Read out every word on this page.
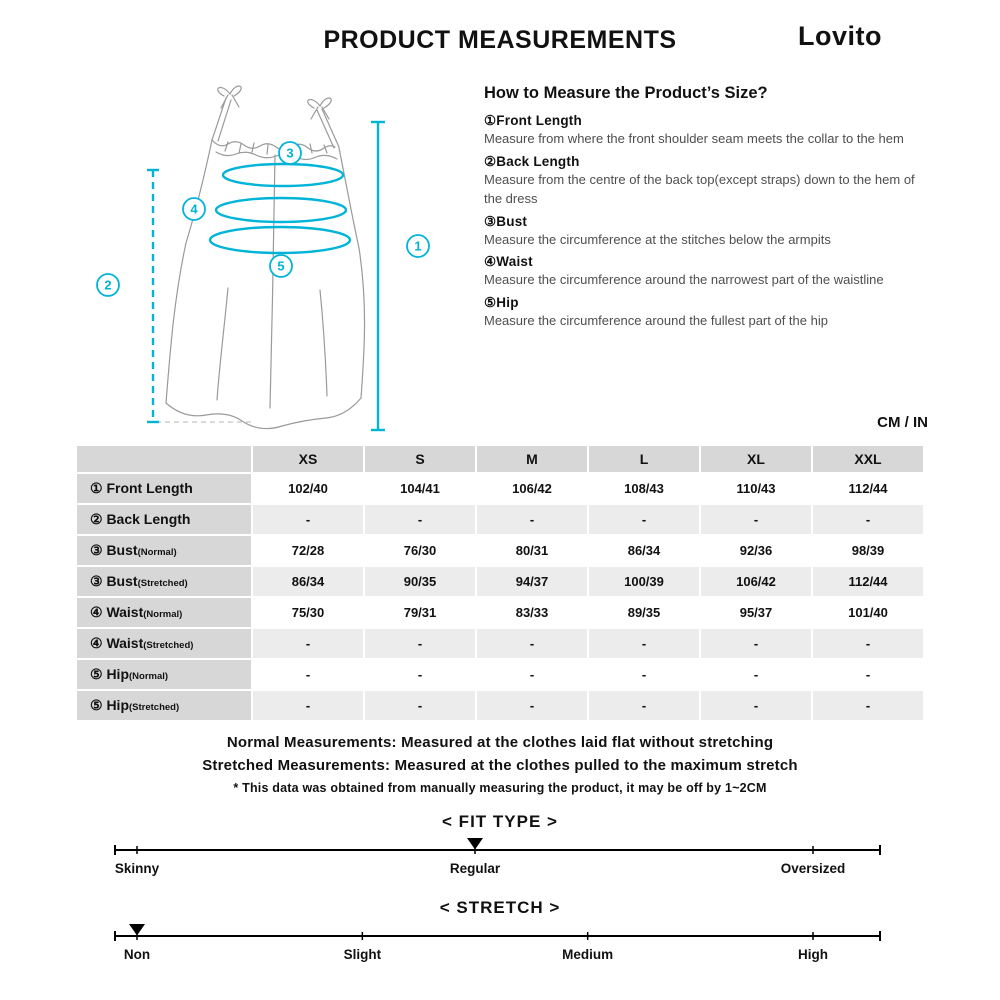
PRODUCT MEASUREMENTS	Lovito
1
2
3
4
5
How to Measure the Product’s Size?
①Front Length
Measure from where the front shoulder seam meets the collar to the hem
②Back Length
Measure from the centre of the back top(except straps) down to the hem of the dress
③Bust
Measure the circumference at the stitches below the armpits
④Waist
Measure the circumference around the narrowest part of the waistline
⑤Hip
Measure the circumference around the fullest part of the hip
CM / IN
	XS	S	M	L	XL	XXL
① Front Length	102/40	104/41	106/42	108/43	110/43	112/44
② Back Length	-	-	-	-	-	-
③ Bust(Normal)	72/28	76/30	80/31	86/34	92/36	98/39
③ Bust(Stretched)	86/34	90/35	94/37	100/39	106/42	112/44
④ Waist(Normal)	75/30	79/31	83/33	89/35	95/37	101/40
④ Waist(Stretched)	-	-	-	-	-	-
⑤ Hip(Normal)	-	-	-	-	-	-
⑤ Hip(Stretched)	-	-	-	-	-	-
Normal Measurements: Measured at the clothes laid flat without stretching
Stretched Measurements: Measured at the clothes pulled to the maximum stretch
* This data was obtained from manually measuring the product, it may be off by 1~2CM
< FIT TYPE >
Skinny	Regular	Oversized
< STRETCH >
Non	Slight	Medium	High
